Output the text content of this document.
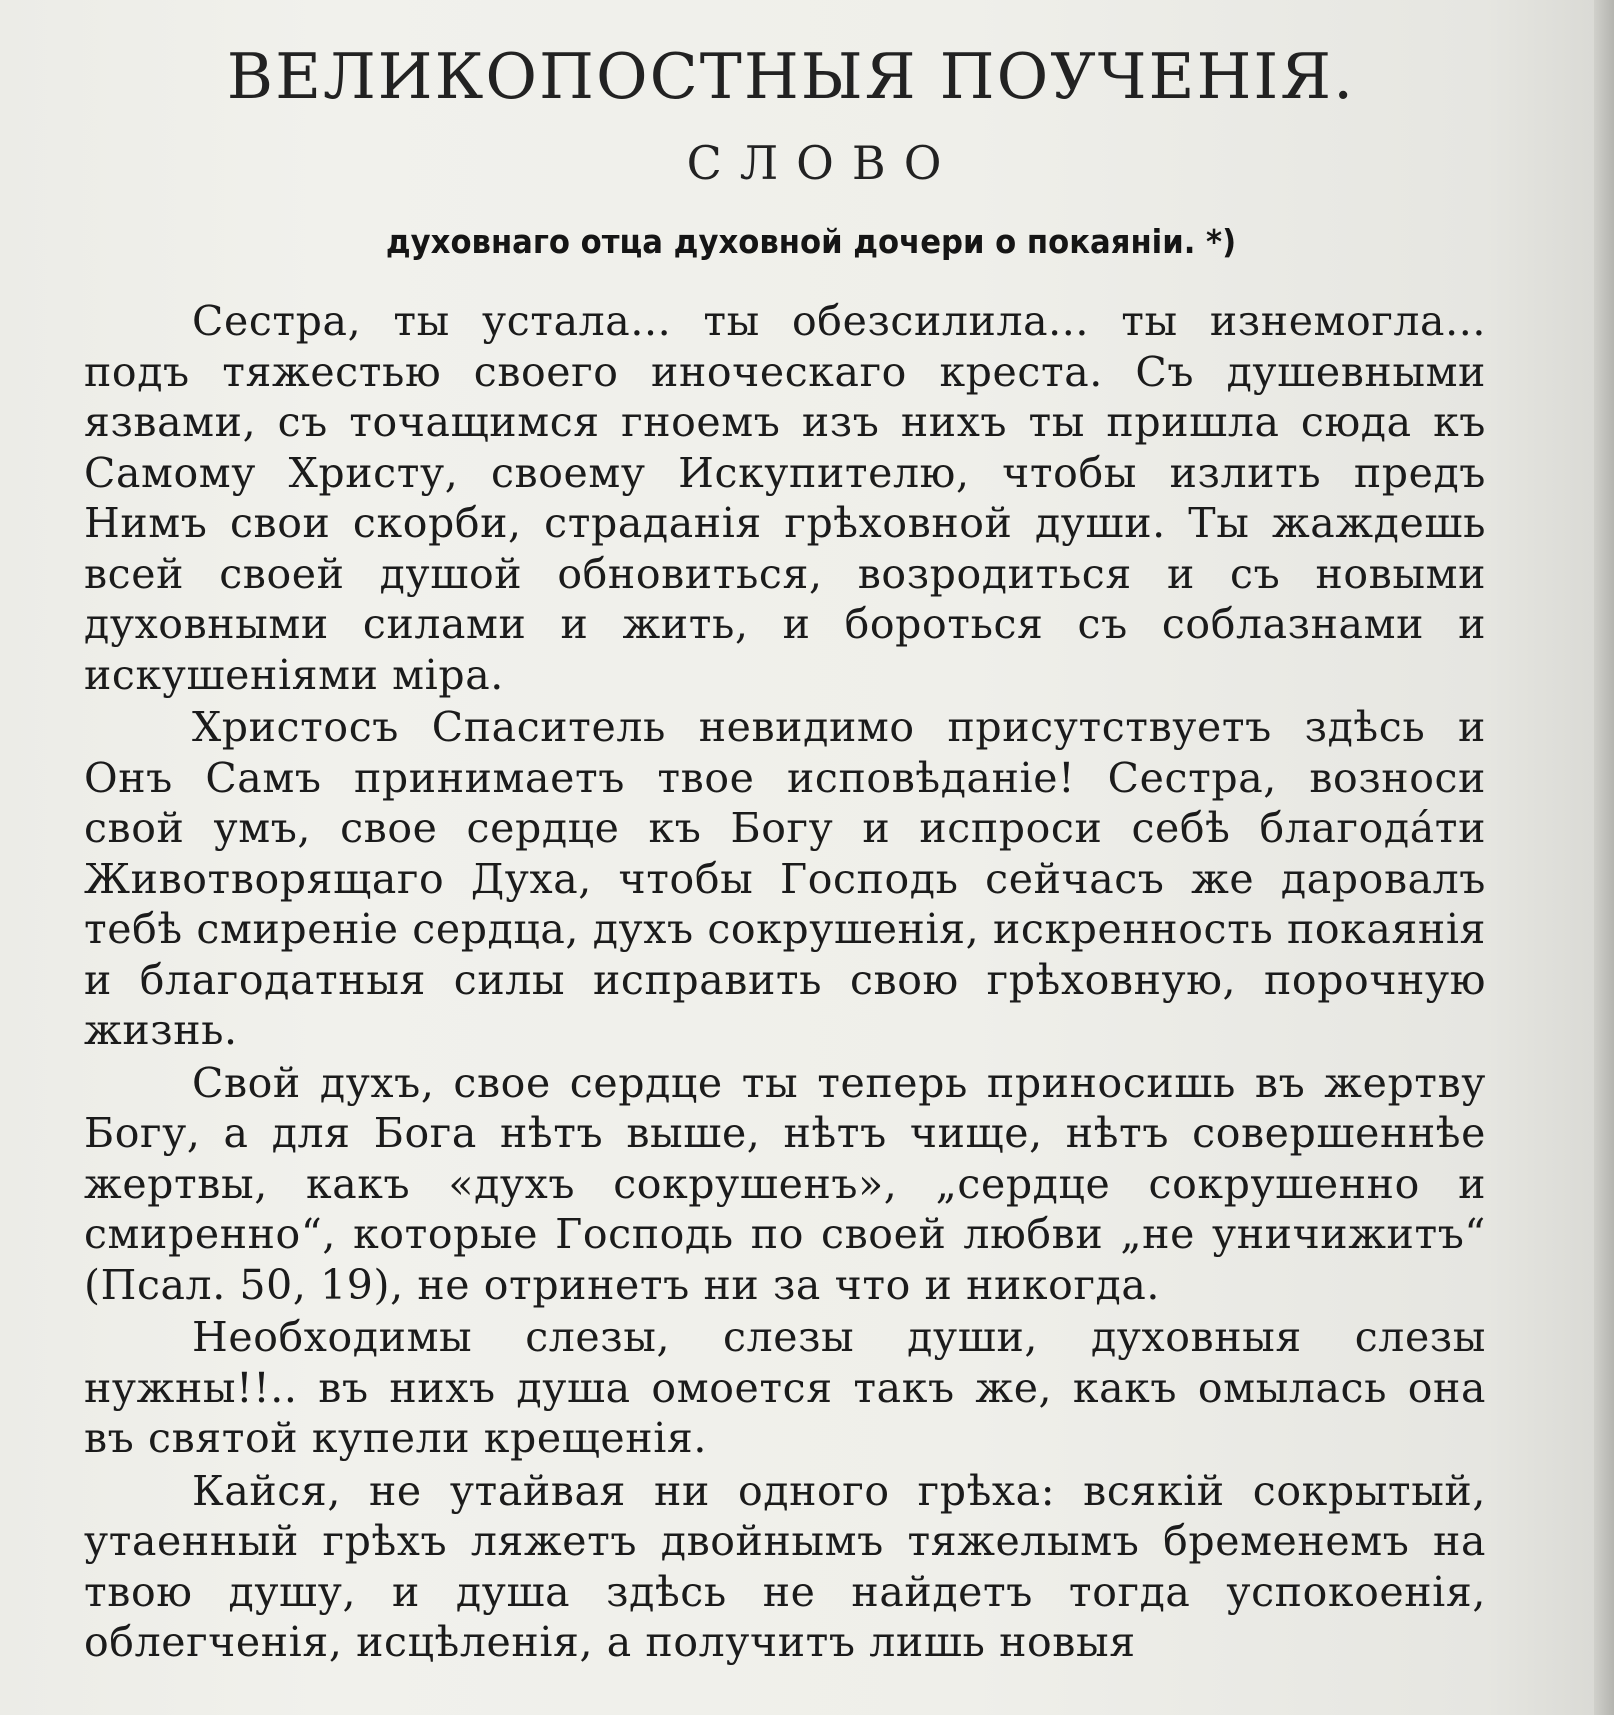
ВЕЛИКОПОСТНЫЯ ПОУЧЕНІЯ.
СЛОВО
духовнаго отца духовной дочери о покаяніи. *)

Сестра, ты устала... ты обезсилила... ты изнемогла... подъ тяжестью своего иноческаго креста. Съ душевными язвами, съ точащимся гноемъ изъ нихъ ты пришла сюда къ Самому Христу, своему Искупителю, чтобы излить предъ Нимъ свои скорби, страданія грѣховной души. Ты жаждешь всей своей душой обновиться, возродиться и съ новыми духовными силами и жить, и бороться съ соблазнами и искушеніями міра.

Христосъ Спаситель невидимо присутствуетъ здѣсь и Онъ Самъ принимаетъ твое исповѣданіе! Сестра, возноси свой умъ, свое сердце къ Богу и испроси себѣ благодáти Животворящаго Духа, чтобы Господь сейчасъ же даровалъ тебѣ смиреніе сердца, духъ сокрушенія, искренность покаянія и благодатныя силы исправить свою грѣховную, порочную жизнь.

Свой духъ, свое сердце ты теперь приносишь въ жертву Богу, а для Бога нѣтъ выше, нѣтъ чище, нѣтъ совершеннѣе жертвы, какъ «духъ сокрушенъ», „сердце сокрушенно и смиренно“, которые Господь по своей любви „не уничижитъ“ (Псал. 50, 19), не отринетъ ни за что и никогда.

Необходимы слезы, слезы души, духовныя слезы нужны!!.. въ нихъ душа омоется такъ же, какъ омылась она въ святой купели крещенія.

Кайся, не утайвая ни одного грѣха: всякій сокрытый, утаенный грѣхъ ляжетъ двойнымъ тяжелымъ бременемъ на твою душу, и душа здѣсь не найдетъ тогда успокоенія, облегченія, исцѣленія, а получитъ лишь новыя
